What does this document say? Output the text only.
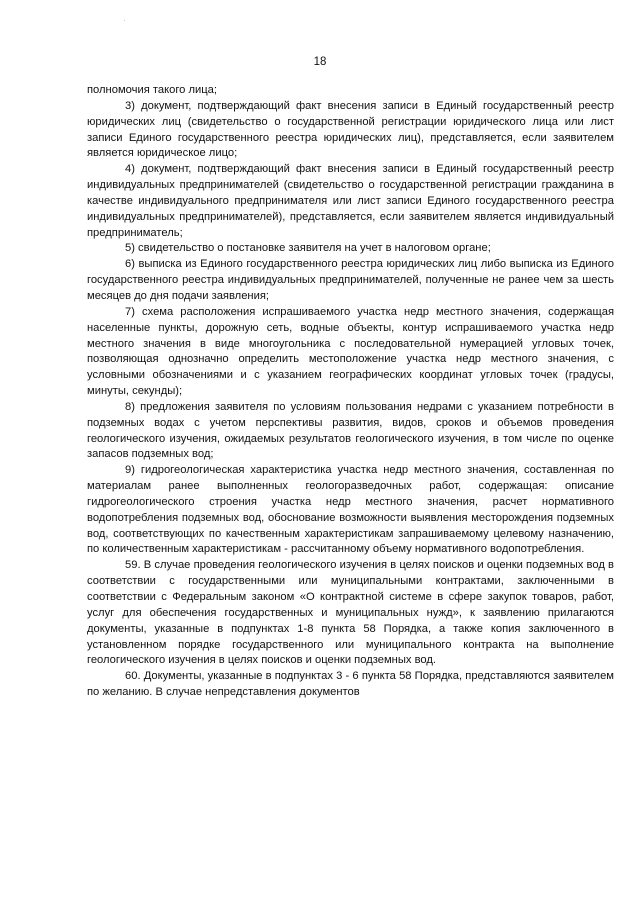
18

полномочия такого лица;

3) документ, подтверждающий факт внесения записи в Единый государственный реестр юридических лиц (свидетельство о государственной регистрации юридического лица или лист записи Единого государственного реестра юридических лиц), представляется, если заявителем является юридическое лицо;

4) документ, подтверждающий факт внесения записи в Единый государственный реестр индивидуальных предпринимателей (свидетельство о государственной регистрации гражданина в качестве индивидуального предпринимателя или лист записи Единого государственного реестра индивидуальных предпринимателей), представляется, если заявителем является индивидуальный предприниматель;

5) свидетельство о постановке заявителя на учет в налоговом органе;

6) выписка из Единого государственного реестра юридических лиц либо выписка из Единого государственного реестра индивидуальных предпринимателей, полученные не ранее чем за шесть месяцев до дня подачи заявления;

7) схема расположения испрашиваемого участка недр местного значения, содержащая населенные пункты, дорожную сеть, водные объекты, контур испрашиваемого участка недр местного значения в виде многоугольника с последовательной нумерацией угловых точек, позволяющая однозначно определить местоположение участка недр местного значения, с условными обозначениями и с указанием географических координат угловых точек (градусы, минуты, секунды);

8) предложения заявителя по условиям пользования недрами с указанием потребности в подземных водах с учетом перспективы развития, видов, сроков и объемов проведения геологического изучения, ожидаемых результатов геологического изучения, в том числе по оценке запасов подземных вод;

9) гидрогеологическая характеристика участка недр местного значения, составленная по материалам ранее выполненных геологоразведочных работ, содержащая: описание гидрогеологического строения участка недр местного значения, расчет нормативного водопотребления подземных вод, обоснование возможности выявления месторождения подземных вод, соответствующих по качественным характеристикам запрашиваемому целевому назначению, по количественным характеристикам - рассчитанному объему нормативного водопотребления.

59. В случае проведения геологического изучения в целях поисков и оценки подземных вод в соответствии с государственными или муниципальными контрактами, заключенными в соответствии с Федеральным законом «О контрактной системе в сфере закупок товаров, работ, услуг для обеспечения государственных и муниципальных нужд», к заявлению прилагаются документы, указанные в подпунктах 1-8 пункта 58 Порядка, а также копия заключенного в установленном порядке государственного или муниципального контракта на выполнение геологического изучения в целях поисков и оценки подземных вод.

60. Документы, указанные в подпунктах 3 - 6 пункта 58 Порядка, представляются заявителем по желанию. В случае непредставления документов
